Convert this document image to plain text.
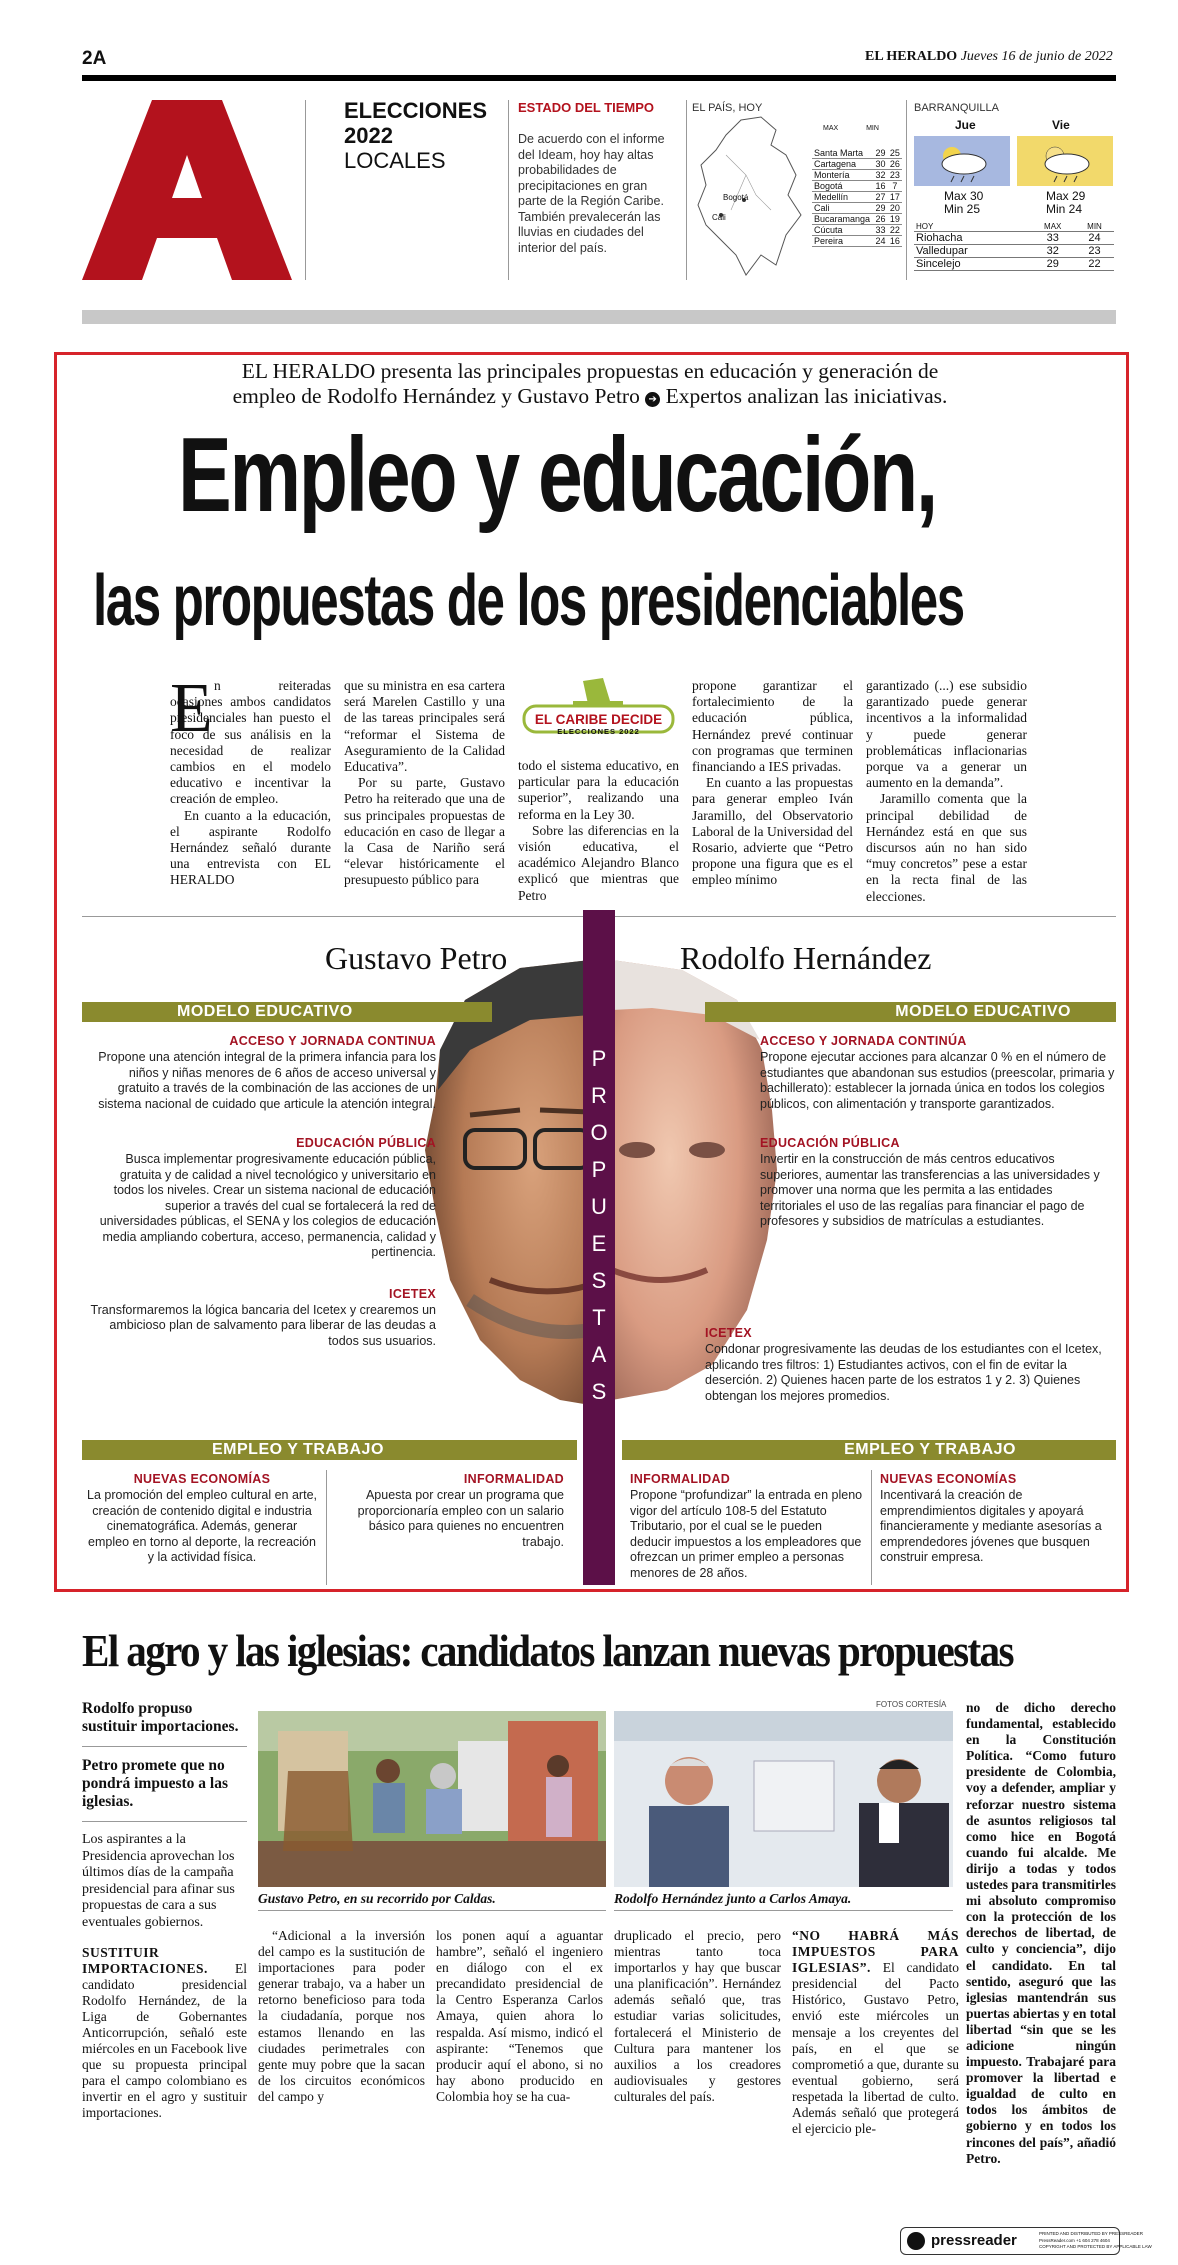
2A	EL HERALDO Jueves 16 de junio de 2022
ELECCIONES
2022
LOCALES
ESTADO DEL TIEMPO
De acuerdo con el informe del Ideam, hoy hay altas probabilidades de precipitaciones en gran parte de la Región Caribe. También prevalecerán las lluvias en ciudades del interior del país.
EL PAÍS, HOY
Bogotá
Cali
	MAX	MIN
Santa Marta	29	25
Cartagena	30	26
Montería	32	23
Bogotá	16	7
Medellín	27	17
Cali	29	20
Bucaramanga	26	19
Cúcuta	33	22
Pereira	24	16
BARRANQUILLA
Jue	Vie
Max 30
Min 25
Max 29
Min 24
HOY	MAX	MIN
Riohacha	33	24
Valledupar	32	23
Sincelejo	29	22
EL HERALDO presenta las principales propuestas en educación y generación de
empleo de Rodolfo Hernández y Gustavo Petro ➔ Expertos analizan las iniciativas.
Empleo y educación,
las propuestas de los presidenciables
E n reiteradas ocasiones ambos candidatos presidenciales han puesto el foco de sus análisis en la necesidad de realizar cambios en el modelo educativo e incentivar la creación de empleo.

En cuanto a la educación, el aspirante Rodolfo Hernández señaló durante una entrevista con EL HERALDO

que su ministra en esa cartera será Marelen Castillo y una de las tareas principales será “reformar el Sistema de Aseguramiento de la Calidad Educativa”.

Por su parte, Gustavo Petro ha reiterado que una de sus principales propuestas de educación en caso de llegar a la Casa de Nariño será “elevar históricamente el presupuesto público para

EL CARIBE DECIDE
ELECCIONES 2022

todo el sistema educativo, en particular para la educación superior”, realizando una reforma en la Ley 30.

Sobre las diferencias en la visión educativa, el académico Alejandro Blanco explicó que mientras que Petro

propone garantizar el fortalecimiento de la educación pública, Hernández prevé continuar con programas que terminen financiando a IES privadas.

En cuanto a las propuestas para generar empleo Iván Jaramillo, del Observatorio Laboral de la Universidad del Rosario, advierte que “Petro propone una figura que es el empleo mínimo

garantizado (...) ese subsidio garantizado puede generar incentivos a la informalidad y puede generar problemáticas inflacionarias porque va a generar un aumento en la demanda”.

Jaramillo comenta que la principal debilidad de Hernández está en que sus discursos aún no han sido “muy concretos” pese a estar en la recta final de las elecciones.

P
R
O
P
U
E
S
T
A
S
Gustavo Petro	Rodolfo Hernández
MODELO EDUCATIVO	MODELO EDUCATIVO
ACCESO Y JORNADA CONTINUA
Propone una atención integral de la primera infancia para los niños y niñas menores de 6 años de acceso universal y gratuito a través de la combinación de las acciones de un sistema nacional de cuidado que articule la atención integral.
EDUCACIÓN PÚBLICA
Busca implementar progresivamente educación pública, gratuita y de calidad a nivel tecnológico y universitario en todos los niveles. Crear un sistema nacional de educación superior a través del cual se fortalecerá la red de universidades públicas, el SENA y los colegios de educación media ampliando cobertura, acceso, permanencia, calidad y pertinencia.
ICETEX
Transformaremos la lógica bancaria del Icetex y crearemos un ambicioso plan de salvamento para liberar de las deudas a todos sus usuarios.
ACCESO Y JORNADA CONTINÚA
Propone ejecutar acciones para alcanzar 0 % en el número de estudiantes que abandonan sus estudios (preescolar, primaria y bachillerato): establecer la jornada única en todos los colegios públicos, con alimentación y transporte garantizados.
EDUCACIÓN PÚBLICA
Invertir en la construcción de más centros educativos superiores, aumentar las transferencias a las universidades y promover una norma que les permita a las entidades territoriales el uso de las regalías para financiar el pago de profesores y subsidios de matrículas a estudiantes.
ICETEX
Condonar progresivamente las deudas de los estudiantes con el Icetex, aplicando tres filtros: 1) Estudiantes activos, con el fin de evitar la deserción. 2) Quienes hacen parte de los estratos 1 y 2. 3) Quienes obtengan los mejores promedios.
EMPLEO Y TRABAJO	EMPLEO Y TRABAJO
NUEVAS ECONOMÍAS
La promoción del empleo cultural en arte, creación de contenido digital e industria cinematográfica. Además, generar empleo en torno al deporte, la recreación y la actividad física.
INFORMALIDAD
Apuesta por crear un programa que proporcionaría empleo con un salario básico para quienes no encuentren trabajo.
INFORMALIDAD
Propone “profundizar” la entrada en pleno vigor del artículo 108-5 del Estatuto Tributario, por el cual se le pueden deducir impuestos a los empleadores que ofrezcan un primer empleo a personas menores de 28 años.
NUEVAS ECONOMÍAS
Incentivará la creación de emprendimientos digitales y apoyará financieramente y mediante asesorías a emprendedores jóvenes que busquen construir empresa.
El agro y las iglesias: candidatos lanzan nuevas propuestas
Rodolfo propuso sustituir importaciones.
Petro promete que no pondrá impuesto a las iglesias.
Los aspirantes a la Presidencia aprovechan los últimos días de la campaña presidencial para afinar sus propuestas de cara a sus eventuales gobiernos.
SUSTITUIR IMPORTACIONES. El candidato presidencial Rodolfo Hernández, de la Liga de Gobernantes Anticorrupción, señaló este miércoles en un Facebook live que su propuesta principal para el campo colombiano es invertir en el agro y sustituir importaciones.
FOTOS CORTESÍA
Gustavo Petro, en su recorrido por Caldas.	Rodolfo Hernández junto a Carlos Amaya.
“Adicional a la inversión del campo es la sustitución de importaciones para poder generar trabajo, va a haber un retorno beneficioso para toda la ciudadanía, porque nos estamos llenando en las ciudades perimetrales con gente muy pobre que la sacan de los circuitos económicos del campo y
los ponen aquí a aguantar hambre”, señaló el ingeniero en diálogo con el ex precandidato presidencial de la Centro Esperanza Carlos Amaya, quien ahora lo respalda. Así mismo, indicó el aspirante: “Tenemos que producir aquí el abono, si no hay abono producido en Colombia hoy se ha cua-
druplicado el precio, pero mientras tanto toca importarlos y hay que buscar una planificación”. Hernández además señaló que, tras estudiar varias solicitudes, fortalecerá el Ministerio de Cultura para mantener los auxilios a los creadores audiovisuales y gestores culturales del país.
“NO HABRÁ MÁS IMPUESTOS PARA IGLESIAS”. El candidato presidencial del Pacto Histórico, Gustavo Petro, envió este miércoles un mensaje a los creyentes del país, en el que se comprometió a que, durante su eventual gobierno, será respetada la libertad de culto. Además señaló que protegerá el ejercicio ple-
no de dicho derecho fundamental, establecido en la Constitución Política. “Como futuro presidente de Colombia, voy a defender, ampliar y reforzar nuestro sistema de asuntos religiosos tal como hice en Bogotá cuando fui alcalde. Me dirijo a todas y todos ustedes para transmitirles mi absoluto compromiso con la protección de los derechos de libertad, de culto y conciencia”, dijo el candidato. En tal sentido, aseguró que las iglesias mantendrán sus puertas abiertas y en total libertad “sin que se les adicione ningún impuesto. Trabajaré para promover la libertad e igualdad de culto en todos los ámbitos de gobierno y en todos los rincones del país”, añadió Petro.
pressreader	PRINTED AND DISTRIBUTED BY PRESSREADER
PressReader.com +1 604 278 4604
COPYRIGHT AND PROTECTED BY APPLICABLE LAW
